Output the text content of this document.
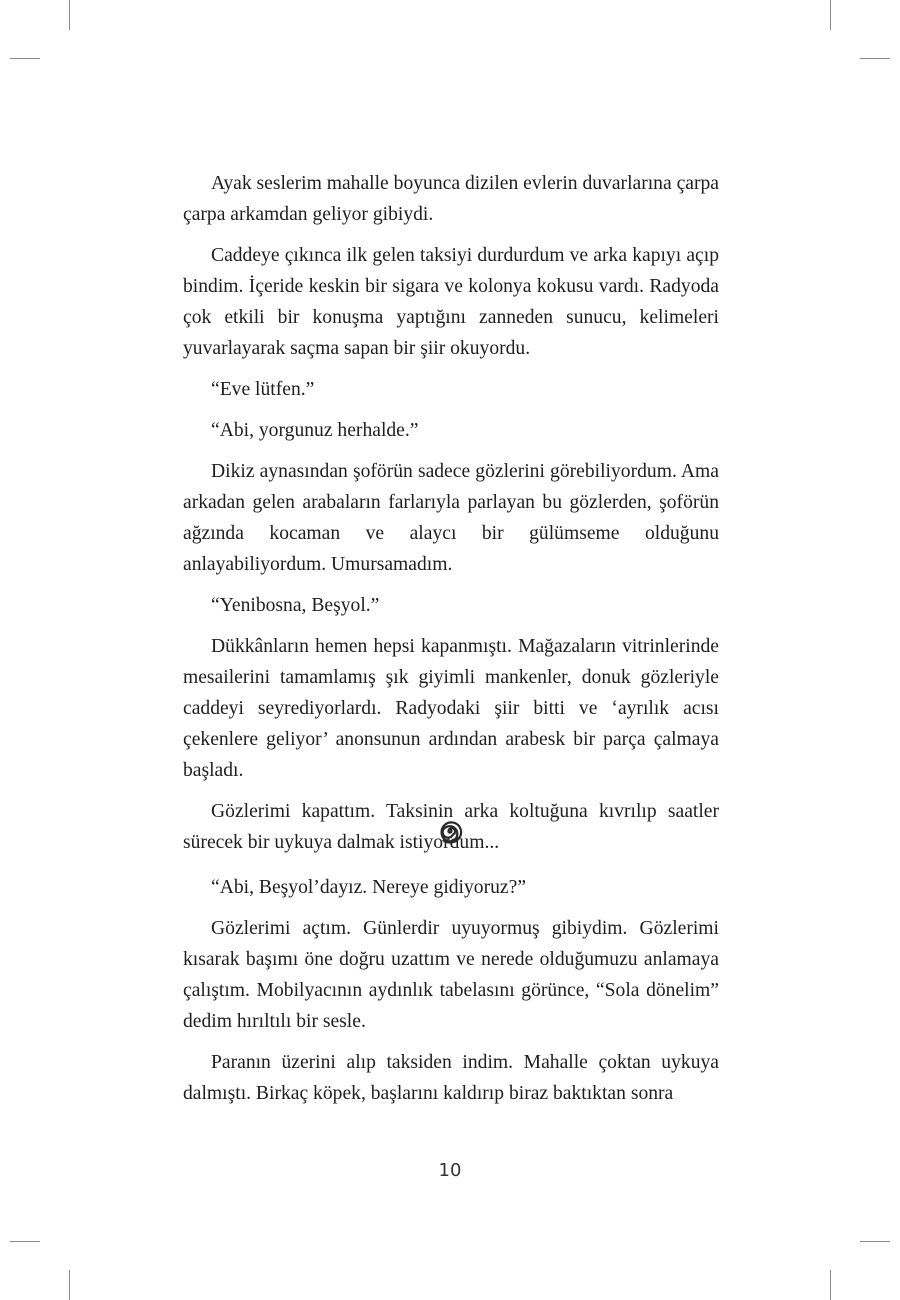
Ayak seslerim mahalle boyunca dizilen evlerin duvarlarına çarpa çarpa arkamdan geliyor gibiydi.

Caddeye çıkınca ilk gelen taksiyi durdurdum ve arka kapıyı açıp bindim. İçeride keskin bir sigara ve kolonya kokusu vardı. Radyoda çok etkili bir konuşma yaptığını zanneden sunucu, kelimeleri yuvarlayarak saçma sapan bir şiir okuyordu.

“Eve lütfen.”

“Abi, yorgunuz herhalde.”

Dikiz aynasından şoförün sadece gözlerini görebiliyordum. Ama arkadan gelen arabaların farlarıyla parlayan bu gözlerden, şoförün ağzında kocaman ve alaycı bir gülümseme olduğunu anlayabiliyordum. Umursamadım.

“Yenibosna, Beşyol.”

Dükkânların hemen hepsi kapanmıştı. Mağazaların vitrinlerinde mesailerini tamamlamış şık giyimli mankenler, donuk gözleriyle caddeyi seyrediyorlardı. Radyodaki şiir bitti ve ‘ayrılık acısı çekenlere geliyor’ anonsunun ardından arabesk bir parça çalmaya başladı.

Gözlerimi kapattım. Taksinin arka koltuğuna kıvrılıp saatler sürecek bir uykuya dalmak istiyordum...

“Abi, Beşyol’dayız. Nereye gidiyoruz?”

Gözlerimi açtım. Günlerdir uyuyormuş gibiydim. Gözlerimi kısarak başımı öne doğru uzattım ve nerede olduğumuzu anlamaya çalıştım. Mobilyacının aydınlık tabelasını görünce, “Sola dönelim” dedim hırıltılı bir sesle.

Paranın üzerini alıp taksiden indim. Mahalle çoktan uykuya dalmıştı. Birkaç köpek, başlarını kaldırıp biraz baktıktan sonra

10
